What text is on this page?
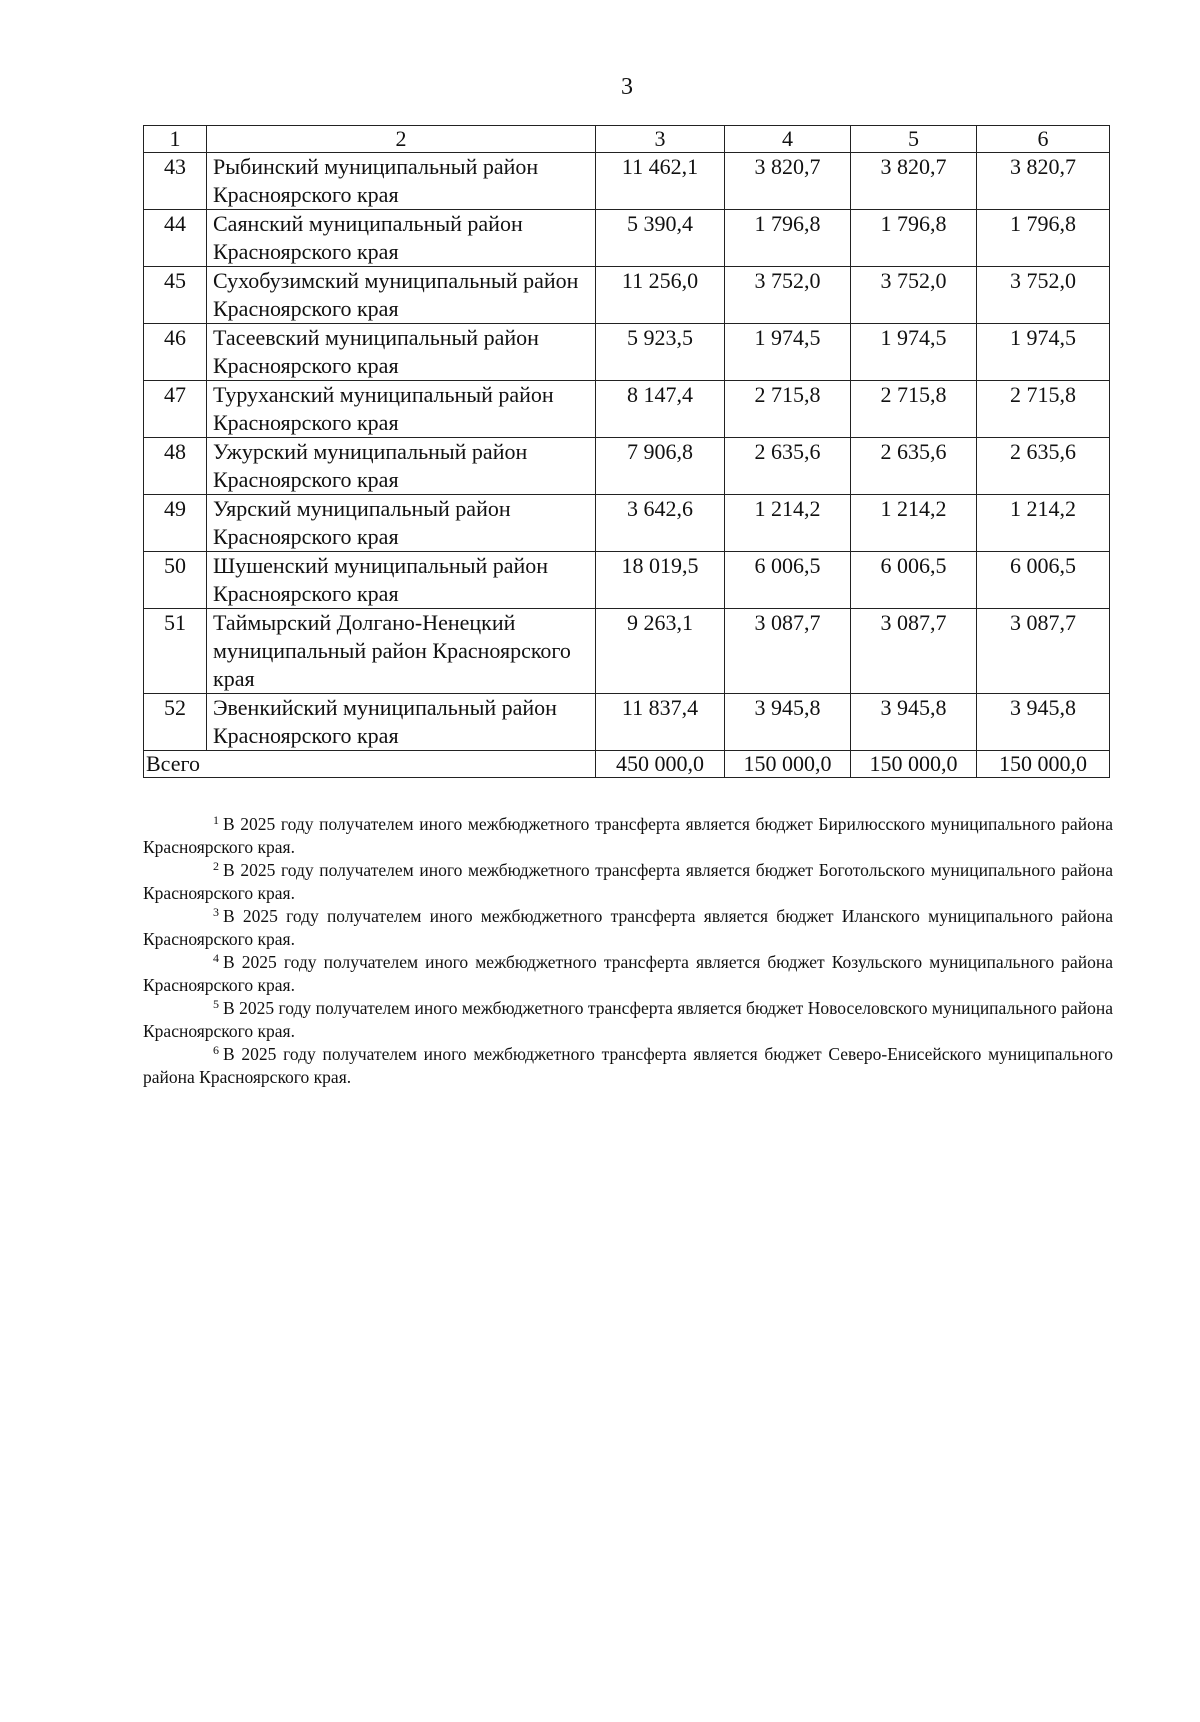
3
1	2	3	4	5	6
43	Рыбинский муниципальный район Красноярского края	11 462,1	3 820,7	3 820,7	3 820,7
44	Саянский муниципальный район Красноярского края	5 390,4	1 796,8	1 796,8	1 796,8
45	Сухобузимский муниципальный район Красноярского края	11 256,0	3 752,0	3 752,0	3 752,0
46	Тасеевский муниципальный район Красноярского края	5 923,5	1 974,5	1 974,5	1 974,5
47	Туруханский муниципальный район Красноярского края	8 147,4	2 715,8	2 715,8	2 715,8
48	Ужурский муниципальный район Красноярского края	7 906,8	2 635,6	2 635,6	2 635,6
49	Уярский муниципальный район Красноярского края	3 642,6	1 214,2	1 214,2	1 214,2
50	Шушенский муниципальный район Красноярского края	18 019,5	6 006,5	6 006,5	6 006,5
51	Таймырский Долгано-Ненецкий муниципальный район Красноярского края	9 263,1	3 087,7	3 087,7	3 087,7
52	Эвенкийский муниципальный район Красноярского края	11 837,4	3 945,8	3 945,8	3 945,8
Всего		450 000,0	150 000,0	150 000,0	150 000,0

$^1$ В 2025 году получателем иного межбюджетного трансферта является бюджет Бирилюсского муниципального района Красноярского края.

$^2$ В 2025 году получателем иного межбюджетного трансферта является бюджет Боготольского муниципального района Красноярского края.

$^3$ В 2025 году получателем иного межбюджетного трансферта является бюджет Иланского муниципального района Красноярского края.

$^4$ В 2025 году получателем иного межбюджетного трансферта является бюджет Козульского муниципального района Красноярского края.

$^5$ В 2025 году получателем иного межбюджетного трансферта является бюджет Новоселовского муниципального района Красноярского края.

$^6$ В 2025 году получателем иного межбюджетного трансферта является бюджет Северо-Енисейского муниципального района Красноярского края.
